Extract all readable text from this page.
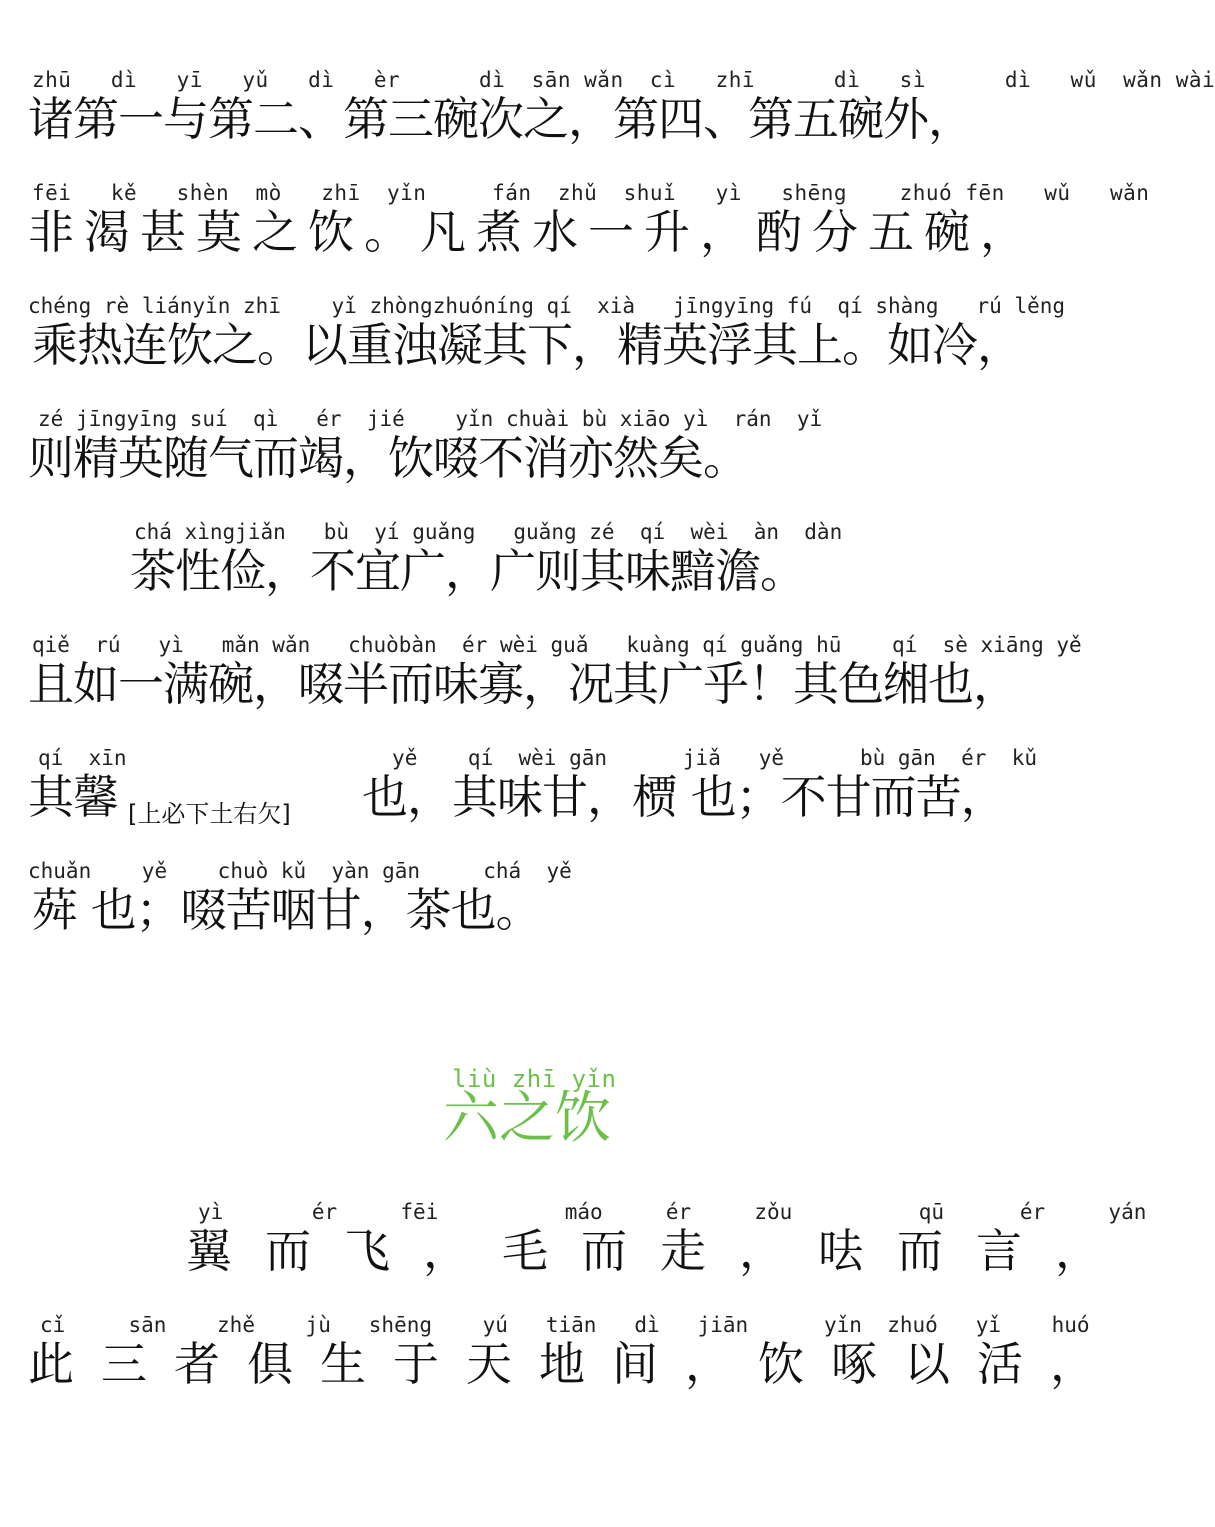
zhū dì yī yǔ dì èr	dì sān wǎn cì zhī	dì sì	dì wǔ wǎn wài
诸第一与第二、第三碗次之，第四、第五碗外，
fēi kě shèn mò zhī yǐn	fán zhǔ shuǐ yì shēng	zhuó fēn wǔ wǎn
非渴甚莫之饮。凡煮水一升，酌分五碗，
chéng rè liányǐn zhī yǐ zhòngzhuóníng qí xià jīngyīng fú qí shàng rú lěng
乘热连饮之。以重浊凝其下，精英浮其上。如冷，
zé jīngyīng suí qì ér jié yǐn chuài bù xiāo yì rán yǐ
则精英随气而竭，饮啜不消亦然矣。
chá xìngjiǎn bù yí guǎng guǎng zé qí wèi àn dàn
茶性俭，不宜广，广则其味黯澹。
qiě rú yì mǎn wǎn chuòbàn ér wèi guǎ kuàng qí guǎng hū qí sè xiāng yě
且如一满碗，啜半而味寡，况其广乎！其色缃也，
qí xīn	yě qí wèi gān	jiǎ yě	bù gān ér kǔ
其馨 [上必下土右欠] 也，其味甘，槚 也；不甘而苦，
chuǎn yě chuò kǔ yàn gān	chá yě
荈 也；啜苦咽甘，茶也。
liù zhī yǐn
六之饮
yì	ér	fēi	máo	ér	zǒu	qū	ér	yán
翼而飞，毛而走，呿而言，
cǐ	sān zhě jù shēng yú tiān dì jiān	yǐn zhuó yǐ huó
此三者俱生于天地间，饮啄以活，
